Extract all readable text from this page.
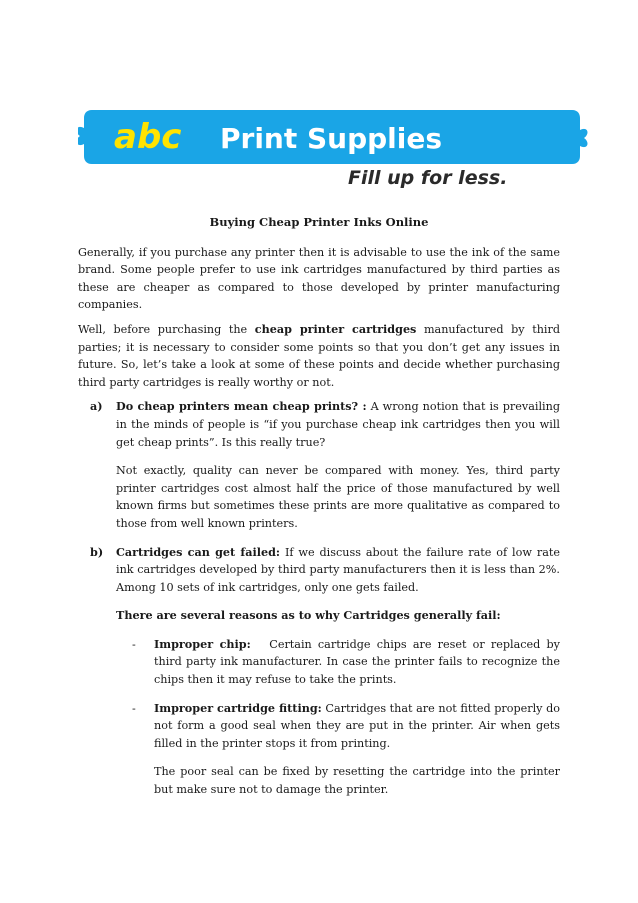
abc Print Supplies
Fill up for less.
Buying Cheap Printer Inks Online

Generally, if you purchase any printer then it is advisable to use the ink of the same brand. Some people prefer to use ink cartridges manufactured by third parties as these are cheaper as compared to those developed by printer manufacturing companies.

Well, before purchasing the cheap printer cartridges manufactured by third parties; it is necessary to consider some points so that you don’t get any issues in future. So, let’s take a look at some of these points and decide whether purchasing third party cartridges is really worthy or not.

a) Do cheap printers mean cheap prints? : A wrong notion that is prevailing in the minds of people is “if you purchase cheap ink cartridges then you will get cheap prints”. Is this really true?

Not exactly, quality can never be compared with money. Yes, third party printer cartridges cost almost half the price of those manufactured by well known firms but sometimes these prints are more qualitative as compared to those from well known printers.

b) Cartridges can get failed: If we discuss about the failure rate of low rate ink cartridges developed by third party manufacturers then it is less than 2%. Among 10 sets of ink cartridges, only one gets failed.

There are several reasons as to why Cartridges generally fail:

- Improper chip:   Certain cartridge chips are reset or replaced by third party ink manufacturer. In case the printer fails to recognize the chips then it may refuse to take the prints.

- Improper cartridge fitting: Cartridges that are not fitted properly do not form a good seal when they are put in the printer. Air when gets filled in the printer stops it from printing.

The poor seal can be fixed by resetting the cartridge into the printer but make sure not to damage the printer.
